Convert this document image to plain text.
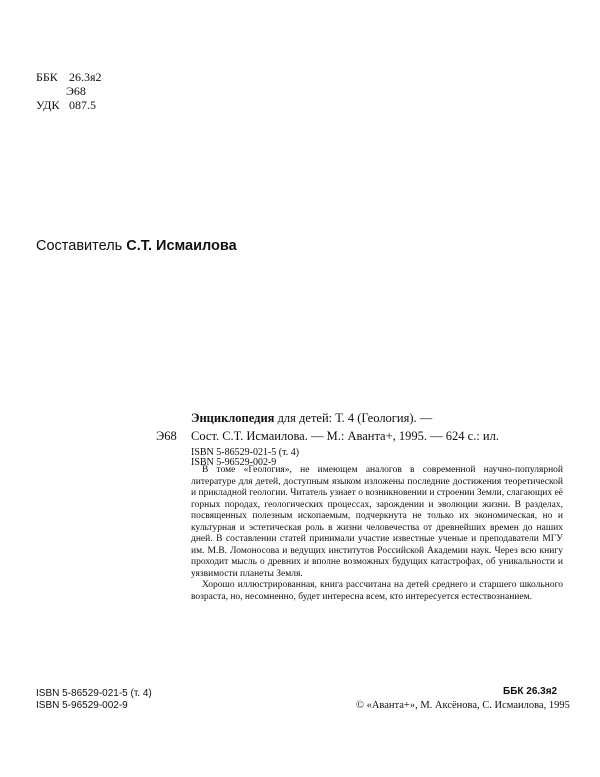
ББК 26.3я2
Э68
УДК 087.5
Составитель С.Т. Исмаилова
Энциклопедия для детей: Т. 4 (Геология). —
Э68 Сост. С.Т. Исмаилова. — М.: Аванта+, 1995. — 624 с.: ил.
ISBN 5-86529-021-5 (т. 4)
ISBN 5-96529-002-9

В томе «Геология», не имеющем аналогов в современной научно-популярной литературе для детей, доступным языком изложены последние достижения теоретической и прикладной геологии. Читатель узнает о возникновении и строении Земли, слагающих её горных породах, геологических процессах, зарождении и эволюции жизни. В разделах, посвященных полезным ископаемым, подчеркнута не только их экономическая, но и культурная и эстетическая роль в жизни человечества от древнейших времен до наших дней. В составлении статей принимали участие известные ученые и преподаватели МГУ им. М.В. Ломоносова и ведущих институтов Российской Академии наук. Через всю книгу проходит мысль о древних и вполне возможных будущих катастрофах, об уникальности и уязвимости планеты Земля.

Хорошо иллюстрированная, книга рассчитана на детей среднего и старшего школьного возраста, но, несомненно, будет интересна всем, кто интересуется естествознанием.

ISBN 5-86529-021-5 (т. 4)
ISBN 5-96529-002-9
ББК 26.3я2
© «Аванта+», М. Аксёнова, С. Исмаилова, 1995
